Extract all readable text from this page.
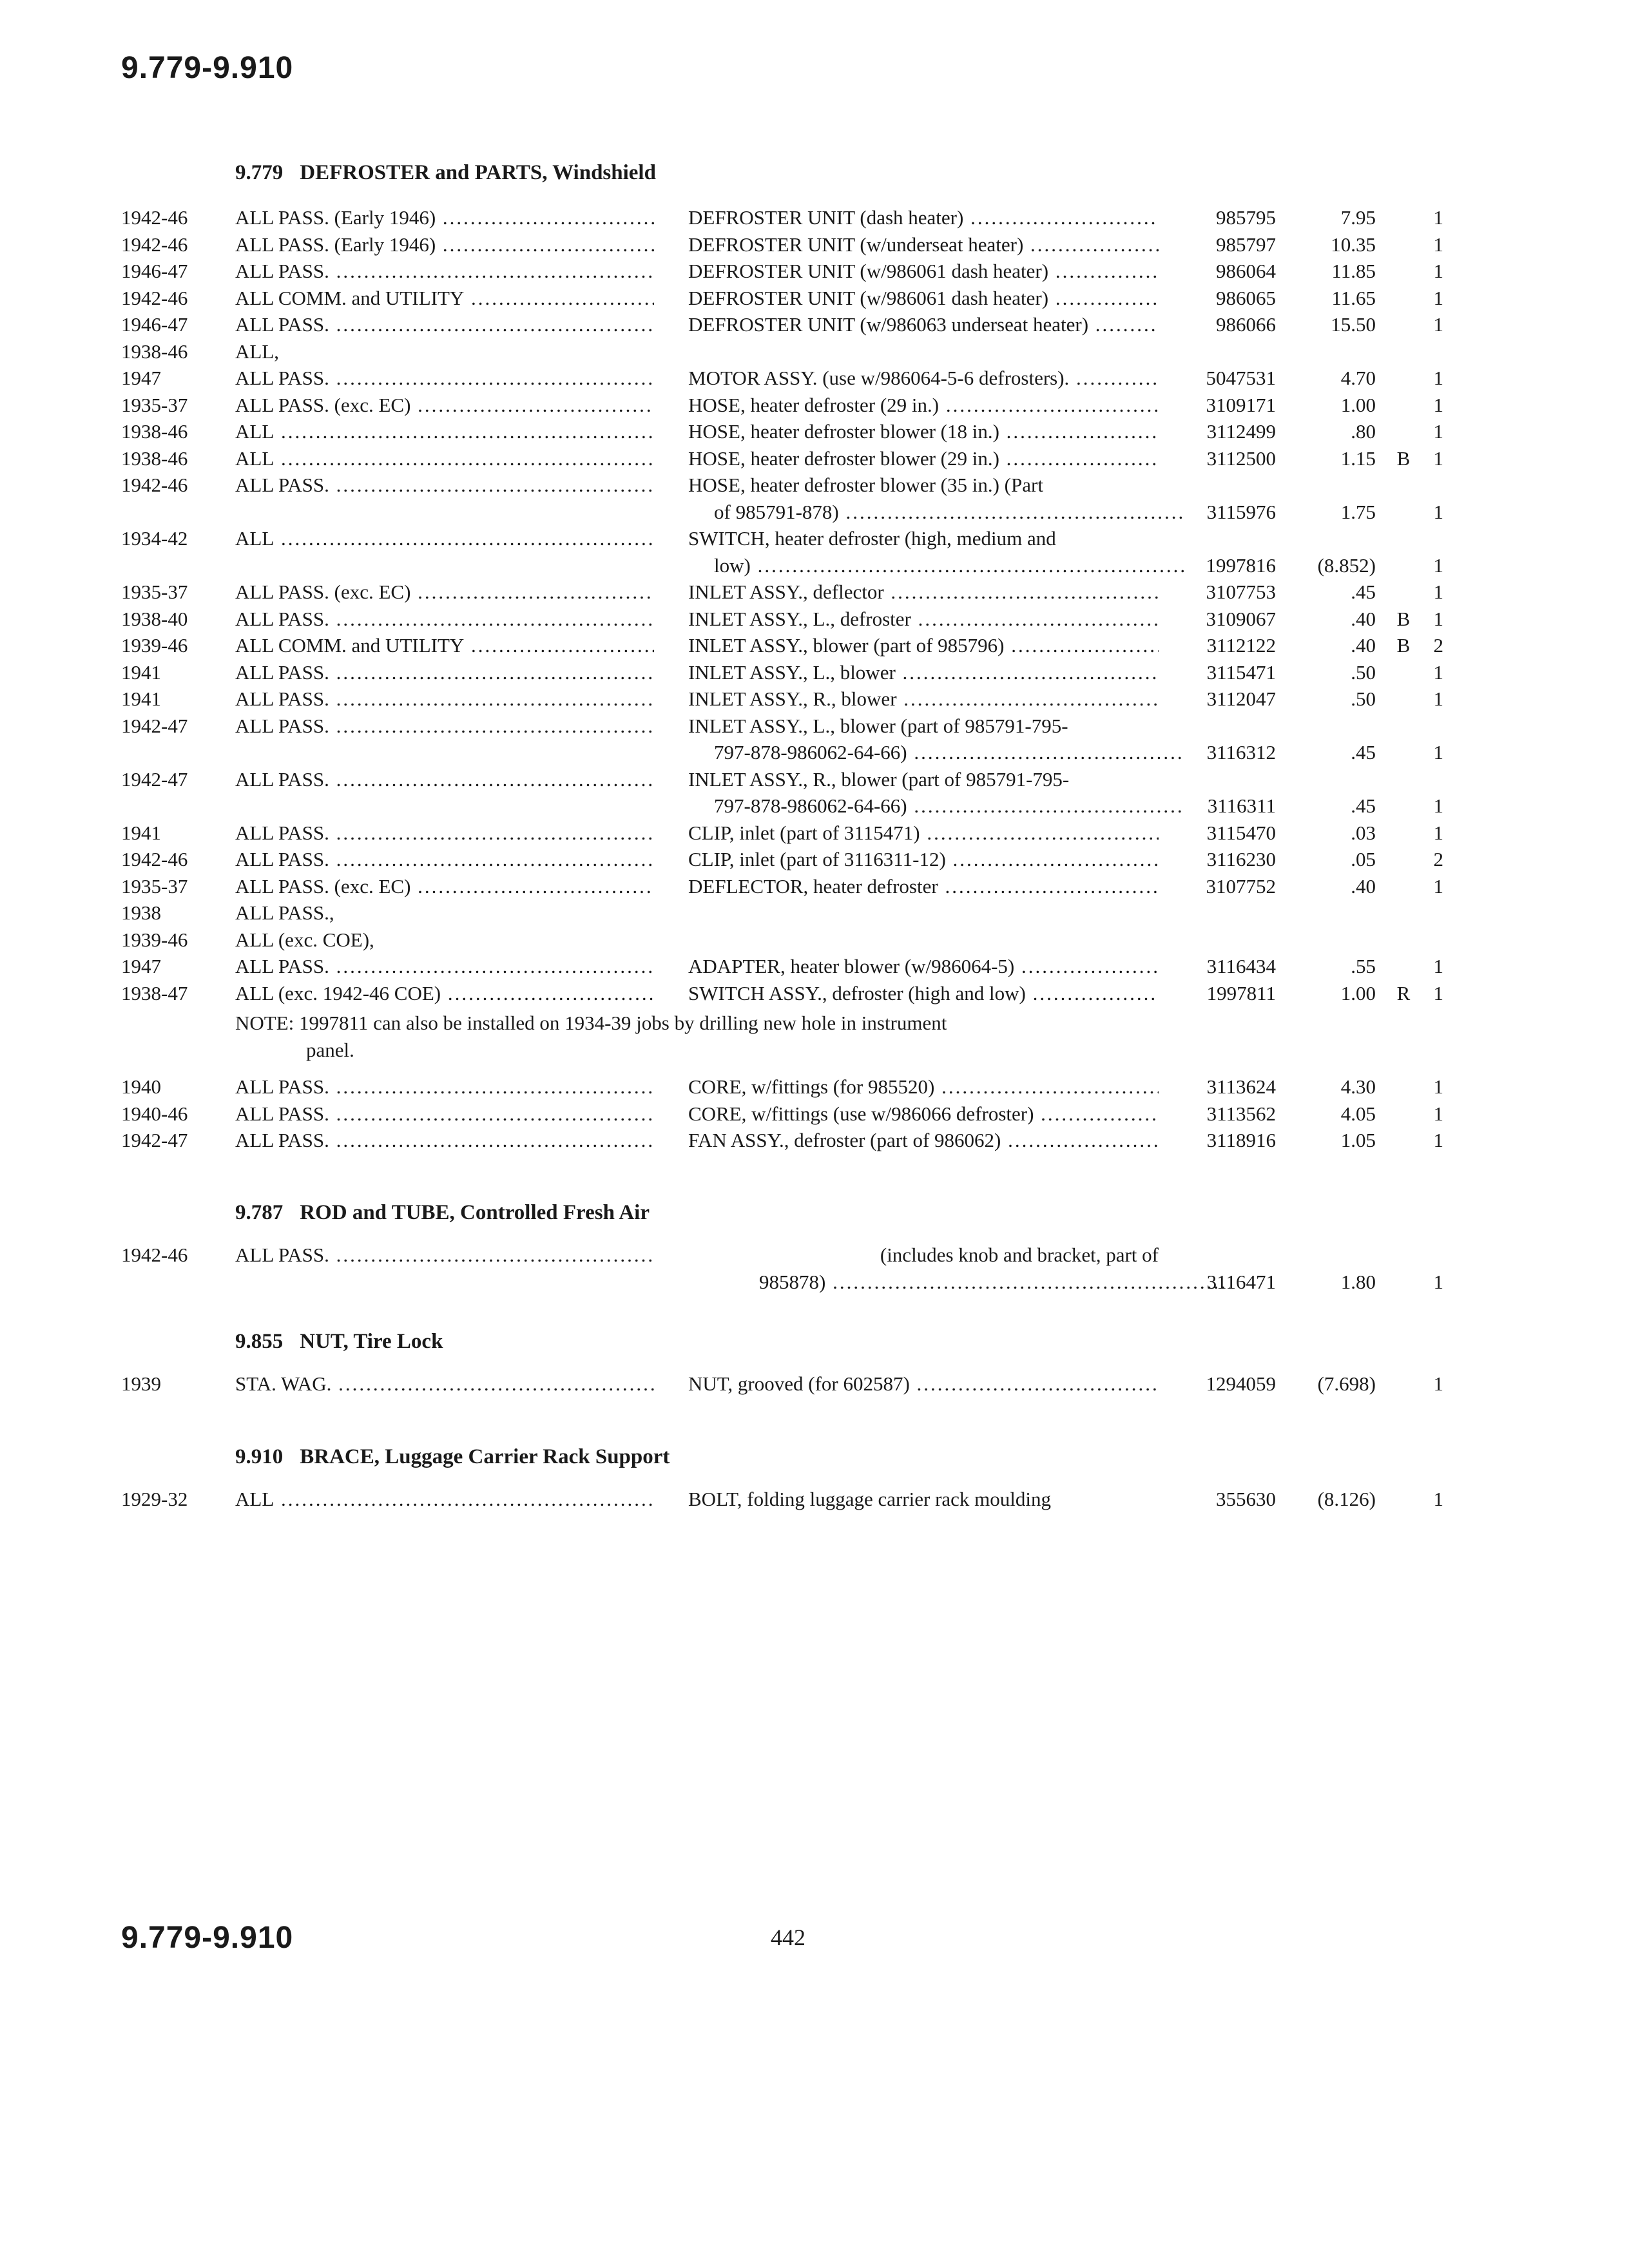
9.779-9.910
9.779 DEFROSTER and PARTS, Windshield
1942-46	ALL PASS. (Early 1946) .....	DEFROSTER UNIT (dash heater) .....	985795	7.95	1
1942-46	ALL PASS. (Early 1946) .....	DEFROSTER UNIT (w/underseat heater) .....	985797	10.35	1
1946-47	ALL PASS. .....	DEFROSTER UNIT (w/986061 dash heater) .....	986064	11.85	1
1942-46	ALL COMM. and UTILITY .....	DEFROSTER UNIT (w/986061 dash heater) .....	986065	11.65	1
1946-47	ALL PASS. .....	DEFROSTER UNIT (w/986063 underseat heater) .....	986066	15.50	1
1938-46	ALL,
1947	ALL PASS. .....	MOTOR ASSY. (use w/986064-5-6 defrosters). .....	5047531	4.70	1
1935-37	ALL PASS. (exc. EC) .....	HOSE, heater defroster (29 in.) .....	3109171	1.00	1
1938-46	ALL .....	HOSE, heater defroster blower (18 in.) .....	3112499	.80	1
1938-46	ALL .....	HOSE, heater defroster blower (29 in.) .....	3112500	1.15	B	1
1942-46	ALL PASS. .....	HOSE, heater defroster blower (35 in.) (Part
of 985791-878) .....	3115976	1.75	1
1934-42	ALL .....	SWITCH, heater defroster (high, medium and
low) .....	1997816	(8.852)	1
1935-37	ALL PASS. (exc. EC) .....	INLET ASSY., deflector .....	3107753	.45	1
1938-40	ALL PASS. .....	INLET ASSY., L., defroster .....	3109067	.40	B	1
1939-46	ALL COMM. and UTILITY .....	INLET ASSY., blower (part of 985796) .....	3112122	.40	B	2
1941	ALL PASS. .....	INLET ASSY., L., blower .....	3115471	.50	1
1941	ALL PASS. .....	INLET ASSY., R., blower .....	3112047	.50	1
1942-47	ALL PASS. .....	INLET ASSY., L., blower (part of 985791-795-
797-878-986062-64-66) .....	3116312	.45	1
1942-47	ALL PASS. .....	INLET ASSY., R., blower (part of 985791-795-
797-878-986062-64-66) .....	3116311	.45	1
1941	ALL PASS. .....	CLIP, inlet (part of 3115471) .....	3115470	.03	1
1942-46	ALL PASS. .....	CLIP, inlet (part of 3116311-12) .....	3116230	.05	2
1935-37	ALL PASS. (exc. EC) .....	DEFLECTOR, heater defroster .....	3107752	.40	1
1938	ALL PASS.,
1939-46	ALL (exc. COE),
1947	ALL PASS. .....	ADAPTER, heater blower (w/986064-5) .....	3116434	.55	1
1938-47	ALL (exc. 1942-46 COE) .....	SWITCH ASSY., defroster (high and low) .....	1997811	1.00	R	1
NOTE: 1997811 can also be installed on 1934-39 jobs by drilling new hole in instrument
panel.
1940	ALL PASS. .....	CORE, w/fittings (for 985520) .....	3113624	4.30	1
1940-46	ALL PASS. .....	CORE, w/fittings (use w/986066 defroster) .....	3113562	4.05	1
1942-47	ALL PASS. .....	FAN ASSY., defroster (part of 986062) .....	3118916	1.05	1
9.787 ROD and TUBE, Controlled Fresh Air
1942-46	ALL PASS. .....	(includes knob and bracket, part of
985878) .....	3116471	1.80	1
9.855 NUT, Tire Lock
1939	STA. WAG. .....	NUT, grooved (for 602587) .....	1294059	(7.698)	1
9.910 BRACE, Luggage Carrier Rack Support
1929-32	ALL .....	BOLT, folding luggage carrier rack moulding	355630	(8.126)	1
9.779-9.910	442
